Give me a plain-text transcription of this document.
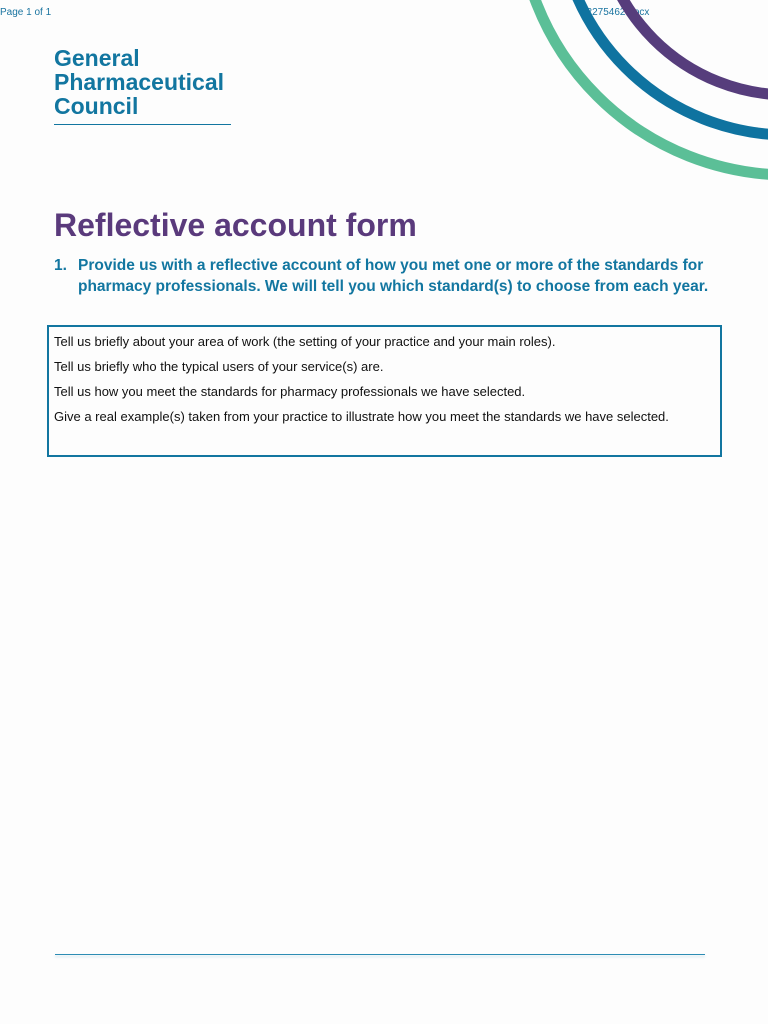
Page 1 of 1	92275462 docx
General
Pharmaceutical
Council
Reflective account form
1. Provide us with a reflective account of how you met one or more of the standards for pharmacy professionals. We will tell you which standard(s) to choose from each year.

Tell us briefly about your area of work (the setting of your practice and your main roles).

Tell us briefly who the typical users of your service(s) are.

Tell us how you meet the standards for pharmacy professionals we have selected.

Give a real example(s) taken from your practice to illustrate how you meet the standards we have selected.
